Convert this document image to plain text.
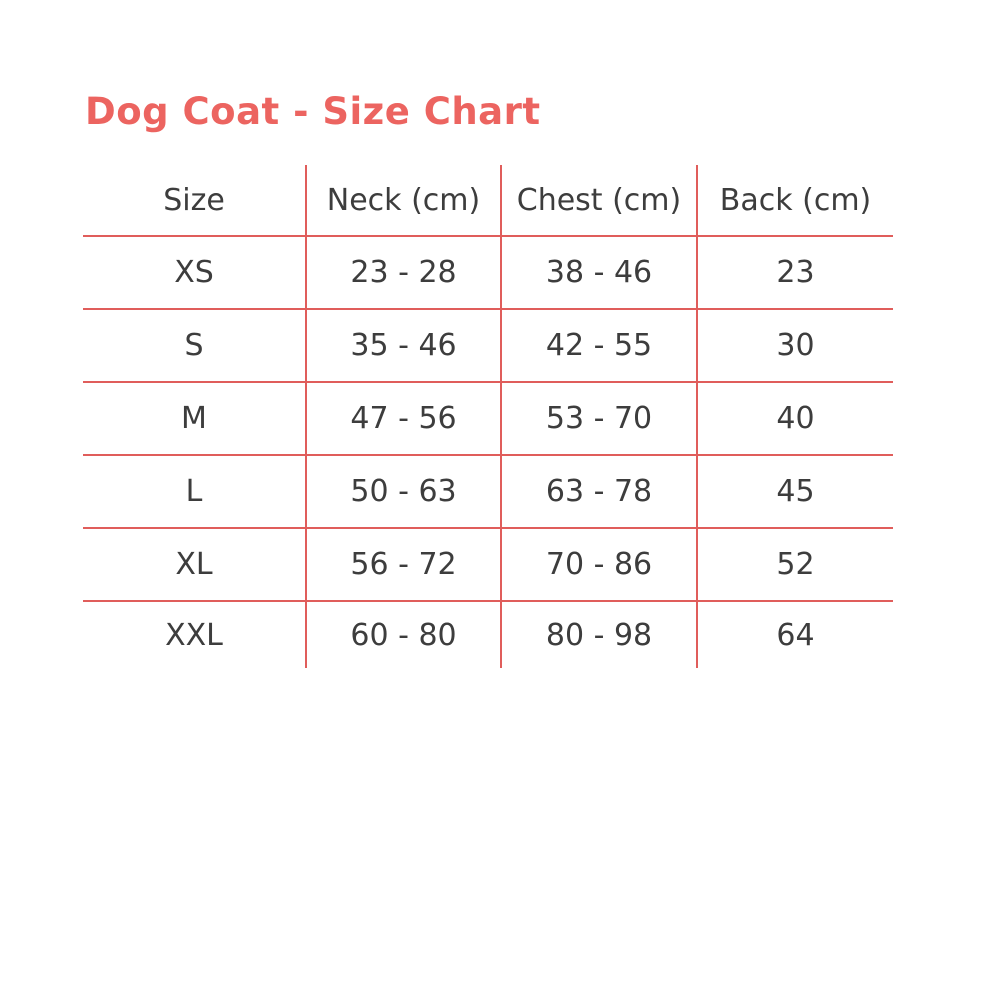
Dog Coat - Size Chart
Size	Neck (cm)	Chest (cm)	Back (cm)
XS	23 - 28	38 - 46	23
S	35 - 46	42 - 55	30
M	47 - 56	53 - 70	40
L	50 - 63	63 - 78	45
XL	56 - 72	70 - 86	52
XXL	60 - 80	80 - 98	64
